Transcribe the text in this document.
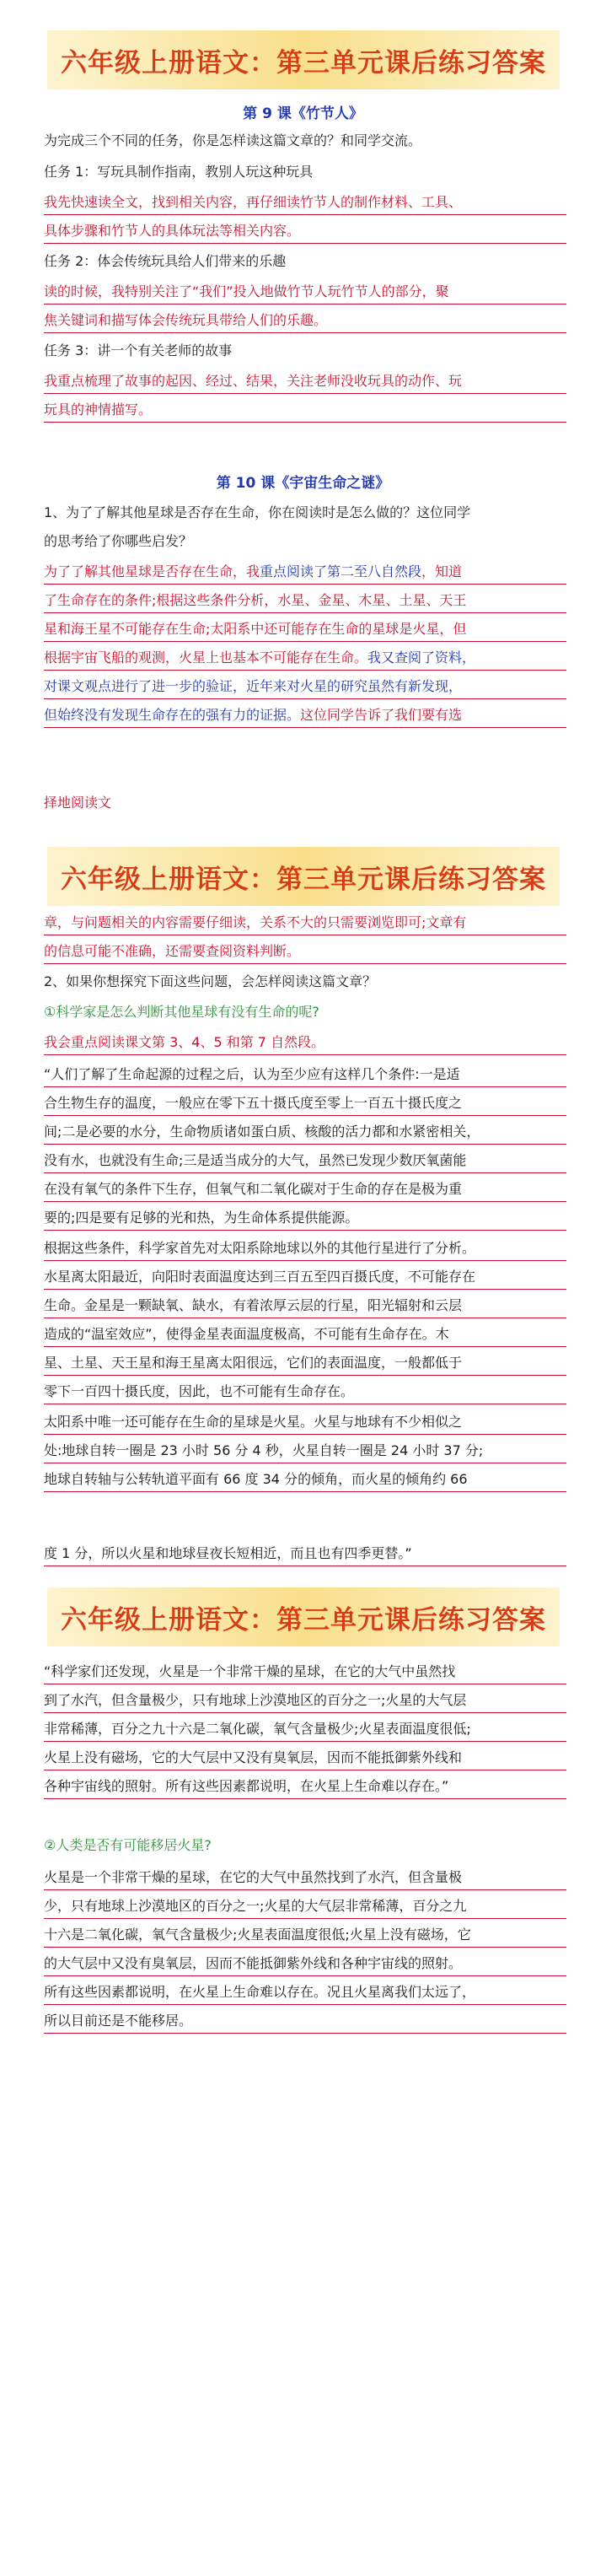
六年级上册语文：第三单元课后练习答案
第 9 课《竹节人》
为完成三个不同的任务，你是怎样读这篇文章的？和同学交流。
任务 1：写玩具制作指南，教别人玩这种玩具
我先快速读全文，找到相关内容，再仔细读竹节人的制作材料、工具、
具体步骤和竹节人的具体玩法等相关内容。
任务 2：体会传统玩具给人们带来的乐趣
读的时候，我特别关注了“我们”投入地做竹节人玩竹节人的部分，聚
焦关键词和描写体会传统玩具带给人们的乐趣。
任务 3：讲一个有关老师的故事
我重点梳理了故事的起因、经过、结果，关注老师没收玩具的动作、玩
玩具的神情描写。
第 10 课《宇宙生命之谜》
1、为了了解其他星球是否存在生命，你在阅读时是怎么做的？这位同学
的思考给了你哪些启发？
为了了解其他星球是否存在生命，我重点阅读了第二至八自然段，知道
了生命存在的条件;根据这些条件分析，水星、金星、木星、土星、天王
星和海王星不可能存在生命;太阳系中还可能存在生命的星球是火星，但
根据宇宙飞船的观测，火星上也基本不可能存在生命。我又查阅了资料，
对课文观点进行了进一步的验证，近年来对火星的研究虽然有新发现，
但始终没有发现生命存在的强有力的证据。这位同学告诉了我们要有选
择地阅读文
六年级上册语文：第三单元课后练习答案
章，与问题相关的内容需要仔细读，关系不大的只需要浏览即可;文章有
的信息可能不准确，还需要查阅资料判断。
2、如果你想探究下面这些问题，会怎样阅读这篇文章？
①科学家是怎么判断其他星球有没有生命的呢?
我会重点阅读课文第 3、4、5 和第 7 自然段。
“人们了解了生命起源的过程之后，认为至少应有这样几个条件:一是适
合生物生存的温度，一般应在零下五十摄氏度至零上一百五十摄氏度之
间;二是必要的水分，生命物质诸如蛋白质、核酸的活力都和水紧密相关，
没有水，也就没有生命;三是适当成分的大气，虽然已发现少数厌氧菌能
在没有氧气的条件下生存，但氧气和二氧化碳对于生命的存在是极为重
要的;四是要有足够的光和热，为生命体系提供能源。
根据这些条件，科学家首先对太阳系除地球以外的其他行星进行了分析。
水星离太阳最近，向阳时表面温度达到三百五至四百摄氏度，不可能存在
生命。金星是一颗缺氧、缺水，有着浓厚云层的行星，阳光辐射和云层
造成的“温室效应”，使得金星表面温度极高，不可能有生命存在。木
星、土星、天王星和海王星离太阳很远，它们的表面温度，一般都低于
零下一百四十摄氏度，因此，也不可能有生命存在。
太阳系中唯一还可能存在生命的星球是火星。火星与地球有不少相似之
处:地球自转一圈是 23 小时 56 分 4 秒，火星自转一圈是 24 小时 37 分;
地球自转轴与公转轨道平面有 66 度 34 分的倾角，而火星的倾角约 66
度 1 分，所以火星和地球昼夜长短相近，而且也有四季更替。”
六年级上册语文：第三单元课后练习答案
“科学家们还发现，火星是一个非常干燥的星球，在它的大气中虽然找
到了水汽，但含量极少，只有地球上沙漠地区的百分之一;火星的大气层
非常稀薄，百分之九十六是二氧化碳，氧气含量极少;火星表面温度很低;
火星上没有磁场，它的大气层中又没有臭氧层，因而不能抵御紫外线和
各种宇宙线的照射。所有这些因素都说明，在火星上生命难以存在。”
②人类是否有可能移居火星?
火星是一个非常干燥的星球，在它的大气中虽然找到了水汽，但含量极
少，只有地球上沙漠地区的百分之一;火星的大气层非常稀薄，百分之九
十六是二氧化碳，氧气含量极少;火星表面温度很低;火星上没有磁场，它
的大气层中又没有臭氧层，因而不能抵御紫外线和各种宇宙线的照射。
所有这些因素都说明，在火星上生命难以存在。况且火星离我们太远了，
所以目前还是不能移居。
